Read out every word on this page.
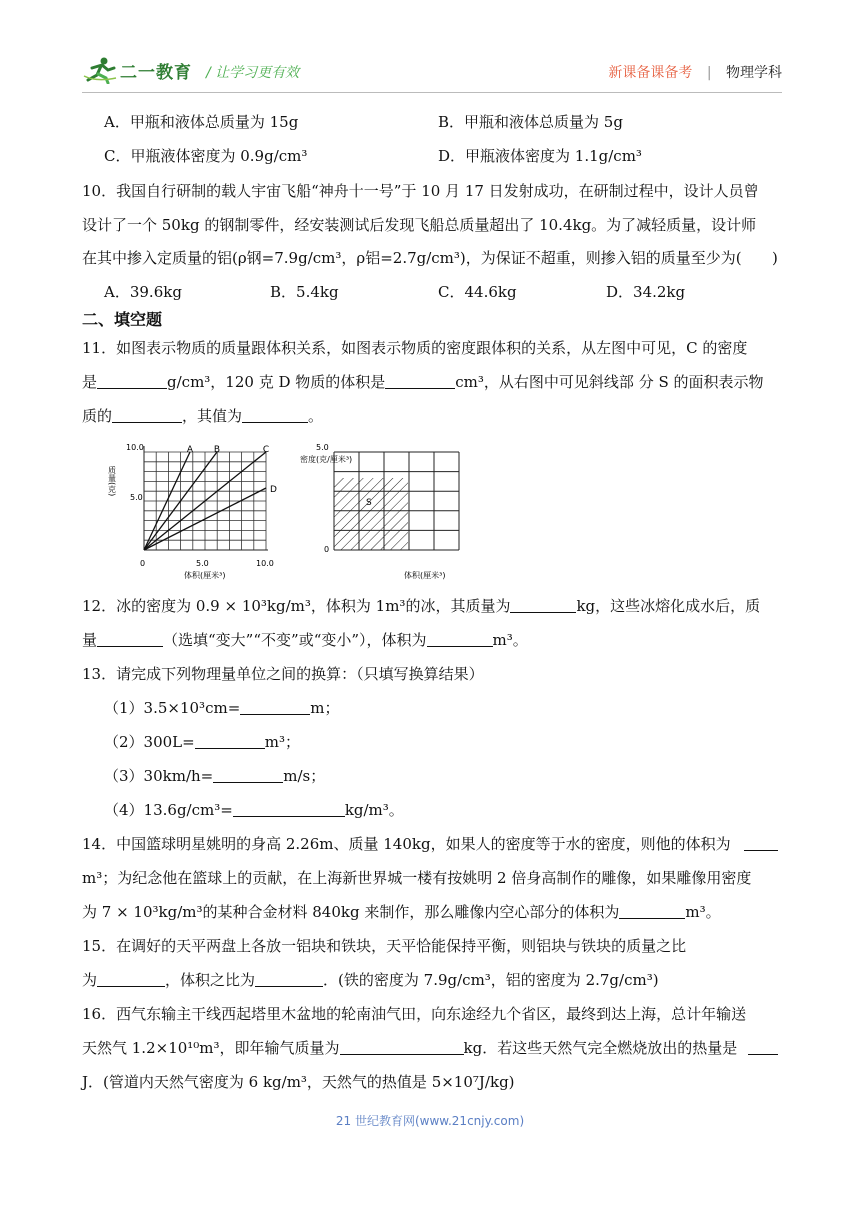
二一教育 / 让学习更有效	新课备课备考 | 物理学科
A．甲瓶和液体总质量为 15g	B．甲瓶和液体总质量为 5g
C．甲瓶液体密度为 0.9g/cm³	D．甲瓶液体密度为 1.1g/cm³
10．我国自行研制的载人宇宙飞船“神舟十一号”于 10 月 17 日发射成功，在研制过程中，设计人员曾
设计了一个 50kg 的钢制零件，经安装测试后发现飞船总质量超出了 10.4kg。为了减轻质量，设计师
在其中掺入定质量的铝(ρ钢=7.9g/cm³，ρ铝=2.7g/cm³)，为保证不超重，则掺入铝的质量至少为(	)
A．39.6kg	B．5.4kg	C．44.6kg	D．34.2kg
二、填空题
11．如图表示物质的质量跟体积关系，如图表示物质的密度跟体积的关系，从左图中可见，C 的密度
是	g/cm³，120 克 D 物质的体积是	cm³，从右图中可见斜线部 分 S 的面积表示物
质的	，其值为	。
A B	C
D
10.0
5.0
0	5.0	10.0
质量(克)
体积(厘米³)
S
5.0
0
密度(克/厘米³)
体积(厘米³)
12．冰的密度为 0.9 × 10³kg/m³，体积为 1m³的冰，其质量为	kg，这些冰熔化成水后，质
量	（选填“变大”“不变”或“变小”），体积为	m³。
13．请完成下列物理量单位之间的换算：（只填写换算结果）
（1）3.5×10³cm=	m；
（2）300L=	m³；
（3）30km/h=	m/s；
（4）13.6g/cm³=	kg/m³。
14．中国篮球明星姚明的身高 2.26m、质量 140kg，如果人的密度等于水的密度，则他的体积为
m³；为纪念他在篮球上的贡献，在上海新世界城一楼有按姚明 2 倍身高制作的雕像，如果雕像用密度
为 7 × 10³kg/m³的某种合金材料 840kg 来制作，那么雕像内空心部分的体积为	m³。
15．在调好的天平两盘上各放一铝块和铁块，天平恰能保持平衡，则铝块与铁块的质量之比
为	，体积之比为	．(铁的密度为 7.9g/cm³，铝的密度为 2.7g/cm³)
16．西气东输主干线西起塔里木盆地的轮南油气田，向东途经九个省区，最终到达上海，总计年输送
天然气 1.2×10¹⁰m³，即年输气质量为	kg．若这些天然气完全燃烧放出的热量是
J．(管道内天然气密度为 6 kg/m³，天然气的热值是 5×10⁷J/kg)
21 世纪教育网(www.21cnjy.com)
